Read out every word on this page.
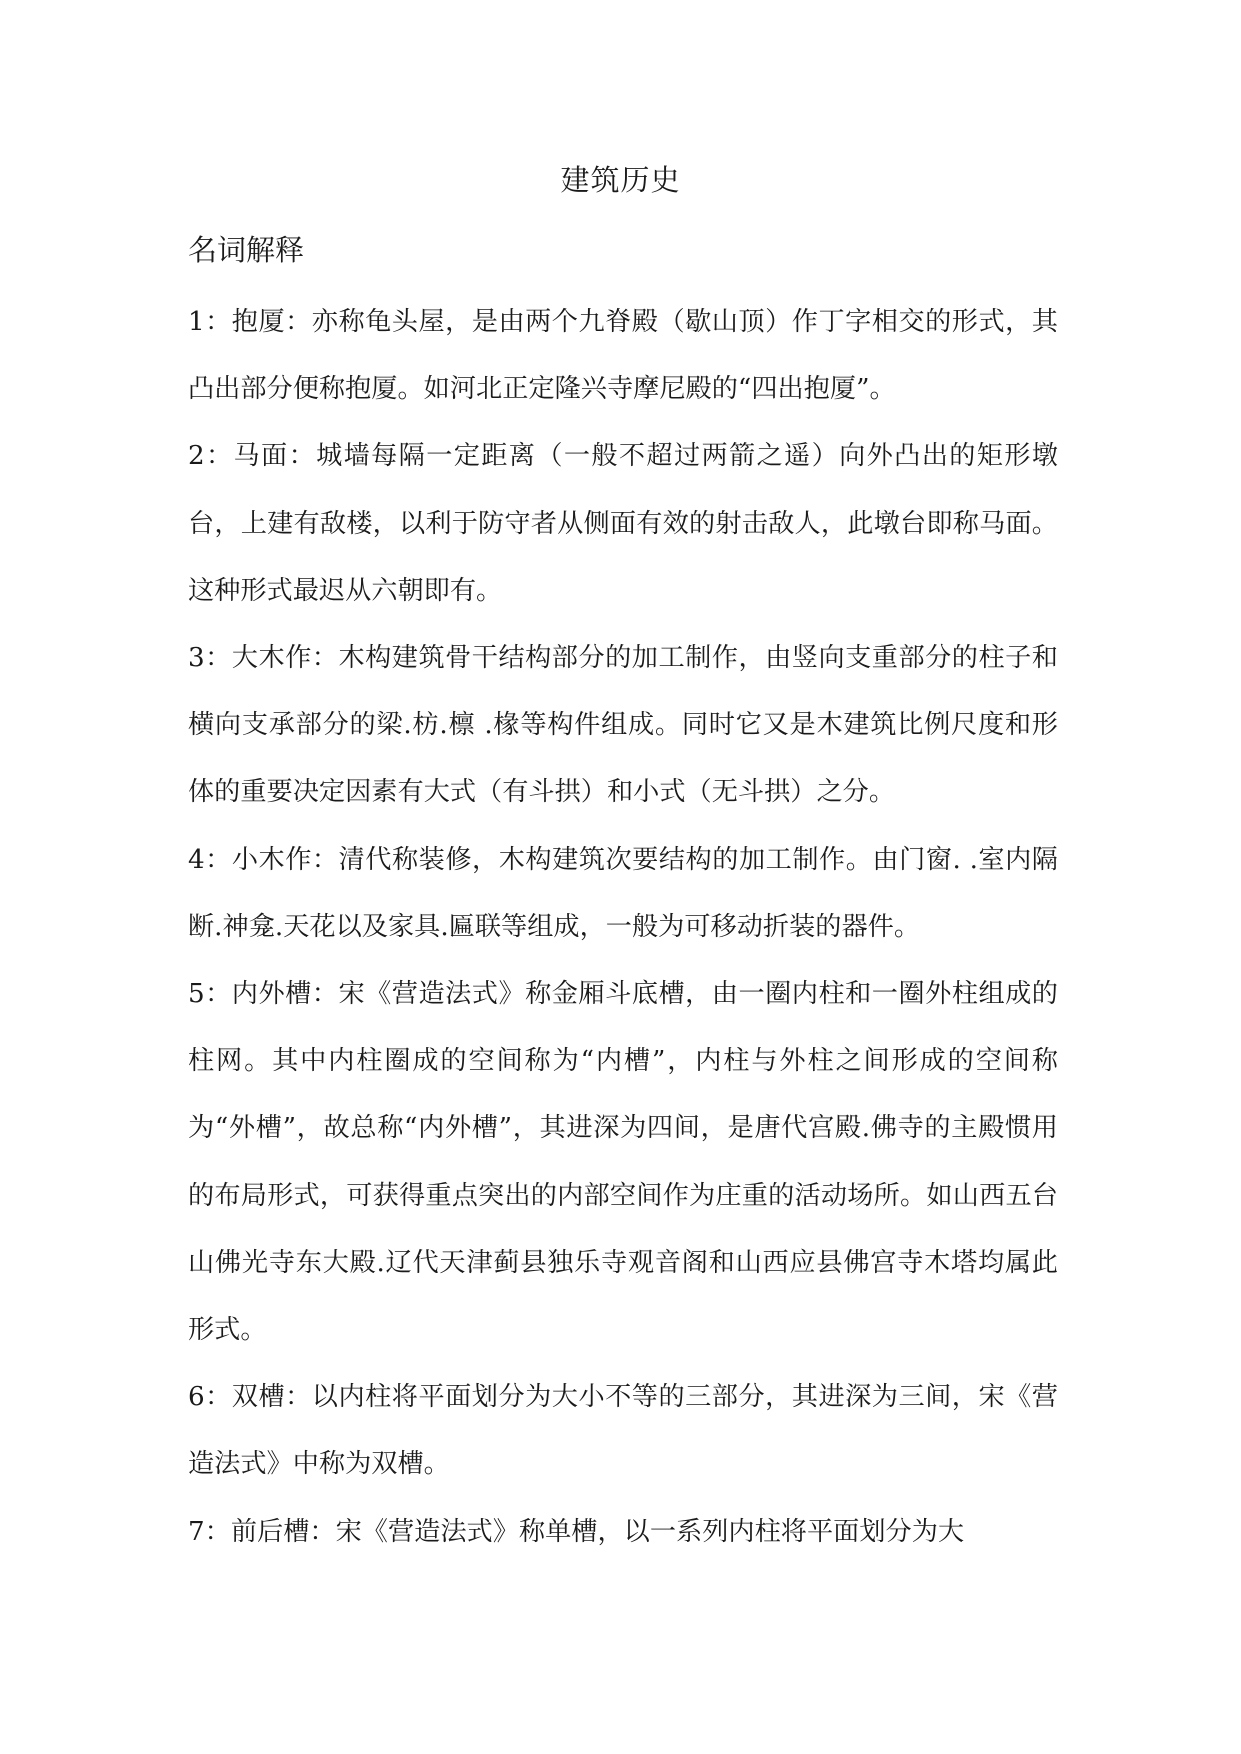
建筑历史
名词解释

1：抱厦：亦称龟头屋，是由两个九脊殿（歇山顶）作丁字相交的形式，其凸出部分便称抱厦。如河北正定隆兴寺摩尼殿的“四出抱厦”。

2：马面：城墙每隔一定距离（一般不超过两箭之遥）向外凸出的矩形墩台，上建有敌楼，以利于防守者从侧面有效的射击敌人，此墩台即称马面。这种形式最迟从六朝即有。

3：大木作：木构建筑骨干结构部分的加工制作，由竖向支重部分的柱子和横向支承部分的梁.枋.檩 .椽等构件组成。同时它又是木建筑比例尺度和形体的重要决定因素有大式（有斗拱）和小式（无斗拱）之分。

4：小木作：清代称装修，木构建筑次要结构的加工制作。由门窗. .室内隔断.神龛.天花以及家具.匾联等组成，一般为可移动折装的器件。

5：内外槽：宋《营造法式》称金厢斗底槽，由一圈内柱和一圈外柱组成的柱网。其中内柱圈成的空间称为“内槽”，内柱与外柱之间形成的空间称为“外槽”，故总称“内外槽”，其进深为四间，是唐代宫殿.佛寺的主殿惯用的布局形式，可获得重点突出的内部空间作为庄重的活动场所。如山西五台山佛光寺东大殿.辽代天津蓟县独乐寺观音阁和山西应县佛宫寺木塔均属此形式。

6：双槽：以内柱将平面划分为大小不等的三部分，其进深为三间，宋《营造法式》中称为双槽。

7：前后槽：宋《营造法式》称单槽，以一系列内柱将平面划分为大
